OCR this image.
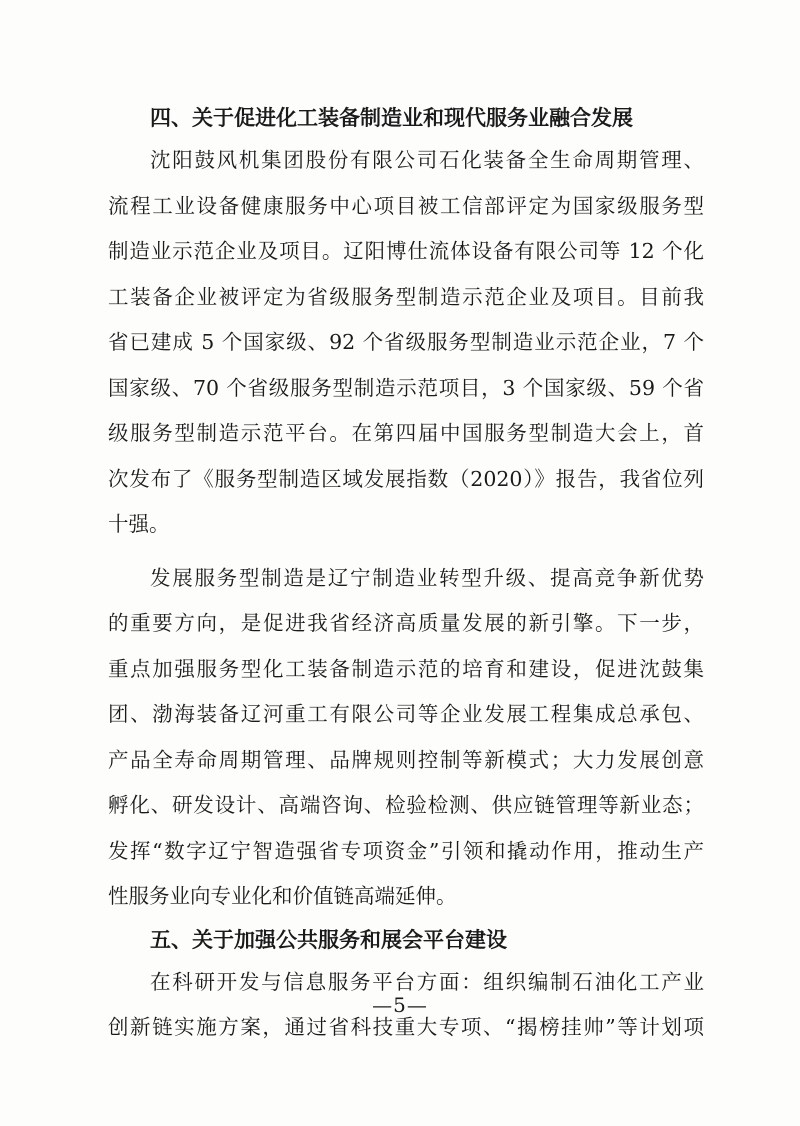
四、关于促进化工装备制造业和现代服务业融合发展
沈阳鼓风机集团股份有限公司石化装备全生命周期管理、
流程工业设备健康服务中心项目被工信部评定为国家级服务型
制造业示范企业及项目。辽阳博仕流体设备有限公司等 12 个化
工装备企业被评定为省级服务型制造示范企业及项目。目前我
省已建成 5 个国家级、92 个省级服务型制造业示范企业，7 个
国家级、70 个省级服务型制造示范项目，3 个国家级、59 个省
级服务型制造示范平台。在第四届中国服务型制造大会上，首
次发布了《服务型制造区域发展指数（2020）》报告，我省位列
十强。
发展服务型制造是辽宁制造业转型升级、提高竞争新优势
的重要方向，是促进我省经济高质量发展的新引擎。下一步，
重点加强服务型化工装备制造示范的培育和建设，促进沈鼓集
团、渤海装备辽河重工有限公司等企业发展工程集成总承包、
产品全寿命周期管理、品牌规则控制等新模式；大力发展创意
孵化、研发设计、高端咨询、检验检测、供应链管理等新业态；
发挥“数字辽宁智造强省专项资金”引领和撬动作用，推动生产
性服务业向专业化和价值链高端延伸。
五、关于加强公共服务和展会平台建设
在科研开发与信息服务平台方面：组织编制石油化工产业
创新链实施方案，通过省科技重大专项、“揭榜挂帅”等计划项
—5—
